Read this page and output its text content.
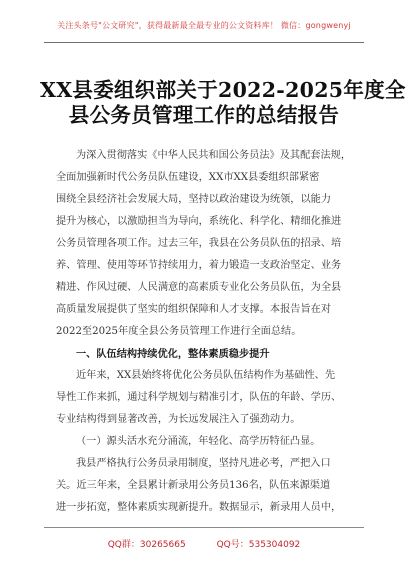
关注头条号"公文研究"，获得最新最全最专业的公文资料库！ 微信：gongwenyj
XX县委组织部关于2022-2025年度全
县公务员管理工作的总结报告
为深入贯彻落实《中华人民共和国公务员法》及其配套法规，
全面加强新时代公务员队伍建设，XX市XX县委组织部紧密
围绕全县经济社会发展大局，坚持以政治建设为统领，以能力
提升为核心，以激励担当为导向，系统化、科学化、精细化推进
公务员管理各项工作。过去三年，我县在公务员队伍的招录、培
养、管理、使用等环节持续用力，着力锻造一支政治坚定、业务
精进、作风过硬、人民满意的高素质专业化公务员队伍，为全县
高质量发展提供了坚实的组织保障和人才支撑。本报告旨在对
2022至2025年度全县公务员管理工作进行全面总结。
一、队伍结构持续优化，整体素质稳步提升
近年来，XX县始终将优化公务员队伍结构作为基础性、先
导性工作来抓，通过科学规划与精准引才，队伍的年龄、学历、
专业结构得到显著改善，为长远发展注入了强劲动力。
（一）源头活水充分涌流，年轻化、高学历特征凸显。
我县严格执行公务员录用制度，坚持凡进必考，严把入口
关。近三年来，全县累计新录用公务员136名，队伍来源渠道
进一步拓宽，整体素质实现新提升。数据显示，新录用人员中，
QQ群：30265665	QQ号：535304092
